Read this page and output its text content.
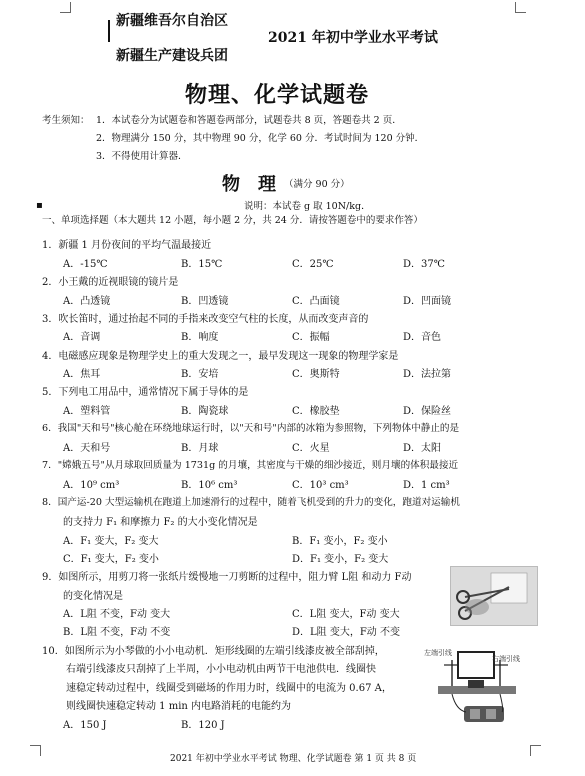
新疆维吾尔自治区
新疆生产建设兵团
2021 年初中学业水平考试
物理、化学试题卷
考生须知： 1．本试卷分为试题卷和答题卷两部分，试题卷共 8 页，答题卷共 2 页．
2．物理满分 150 分，其中物理 90 分，化学 60 分．考试时间为 120 分钟．
3．不得使用计算器．
物　理 （满分 90 分）
▪	说明：本试卷 g 取 10N/kg．
一、单项选择题（本大题共 12 小题，每小题 2 分，共 24 分．请按答题卷中的要求作答）
1．新疆 1 月份夜间的平均气温最接近
A．-15℃	B．15℃	C．25℃	D．37℃
2．小王戴的近视眼镜的镜片是
A．凸透镜	B．凹透镜	C．凸面镜	D．凹面镜
3．吹长笛时，通过抬起不同的手指来改变空气柱的长度，从而改变声音的
A．音调	B．响度	C．振幅	D．音色
4．电磁感应现象是物理学史上的重大发现之一，最早发现这一现象的物理学家是
A．焦耳	B．安培	C．奥斯特	D．法拉第
5．下列电工用品中，通常情况下属于导体的是
A．塑料管	B．陶瓷球	C．橡胶垫	D．保险丝
6．我国"天和号"核心舱在环绕地球运行时，以"天和号"内部的冰箱为参照物，下列物体中静止的是
A．天和号	B．月球	C．火星	D．太阳
7．"嫦娥五号"从月球取回质量为 1731g 的月壤，其密度与干燥的细沙接近，则月壤的体积最接近
A．10⁹ cm³	B．10⁶ cm³	C．10³ cm³	D．1 cm³
8．国产运-20 大型运输机在跑道上加速滑行的过程中，随着飞机受到的升力的变化，跑道对运输机
的支持力 F₁ 和摩擦力 F₂ 的大小变化情况是
A．F₁ 变大，F₂ 变大	B．F₁ 变小，F₂ 变小
C．F₁ 变大，F₂ 变小	D．F₁ 变小，F₂ 变大
9．如图所示，用剪刀将一张纸片缓慢地一刀剪断的过程中，阻力臂 L阻 和动力 F动
的变化情况是
A．L阻 不变，F动 变大
B．L阻 不变，F动 不变
C．L阻 变大，F动 变大
D．L阻 变大，F动 不变
10．如图所示为小琴做的小小电动机．矩形线圈的左端引线漆皮被全部刮掉，
右端引线漆皮只刮掉了上半周，小小电动机由两节干电池供电．线圈快
速稳定转动过程中，线圈受到磁场的作用力时，线圈中的电流为 0.67 A，
则线圈快速稳定转动 1 min 内电路消耗的电能约为
A．150 J	B．120 J
左端引线
右端引线
2021 年初中学业水平考试 物理、化学试题卷 第 1 页 共 8 页
